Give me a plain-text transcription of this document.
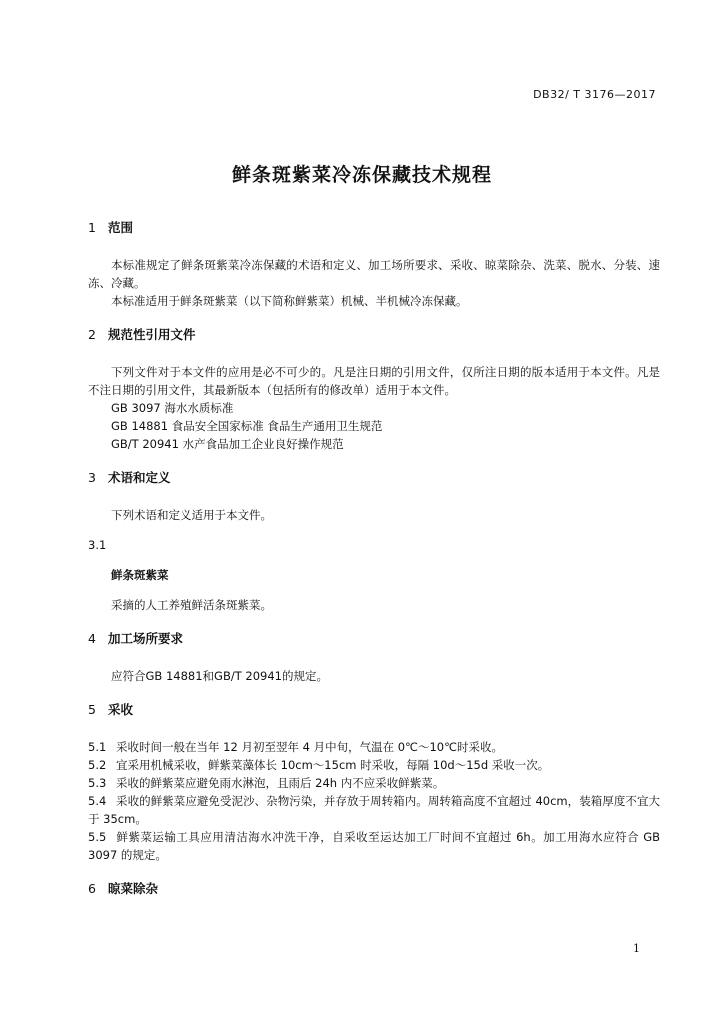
DB32/ T 3176—2017
鲜条斑紫菜冷冻保藏技术规程
1 范围

本标准规定了鲜条斑紫菜冷冻保藏的术语和定义、加工场所要求、采收、晾菜除杂、洗菜、脱水、分装、速冻、冷藏。

本标准适用于鲜条斑紫菜（以下简称鲜紫菜）机械、半机械冷冻保藏。

2 规范性引用文件

下列文件对于本文件的应用是必不可少的。凡是注日期的引用文件，仅所注日期的版本适用于本文件。凡是不注日期的引用文件，其最新版本（包括所有的修改单）适用于本文件。

GB 3097 海水水质标准

GB 14881 食品安全国家标准 食品生产通用卫生规范

GB/T 20941 水产食品加工企业良好操作规范

3 术语和定义

下列术语和定义适用于本文件。

3.1

鲜条斑紫菜

采摘的人工养殖鲜活条斑紫菜。

4 加工场所要求

应符合GB 14881和GB/T 20941的规定。

5 采收

5.1 采收时间一般在当年 12 月初至翌年 4 月中旬，气温在 0℃～10℃时采收。

5.2 宜采用机械采收，鲜紫菜藻体长 10cm～15cm 时采收，每隔 10d～15d 采收一次。

5.3 采收的鲜紫菜应避免雨水淋泡，且雨后 24h 内不应采收鲜紫菜。

5.4 采收的鲜紫菜应避免受泥沙、杂物污染，并存放于周转箱内。周转箱高度不宜超过 40cm，装箱厚度不宜大于 35cm。

5.5 鲜紫菜运输工具应用清洁海水冲洗干净，自采收至运达加工厂时间不宜超过 6h。加工用海水应符合 GB 3097 的规定。

6 晾菜除杂
1
